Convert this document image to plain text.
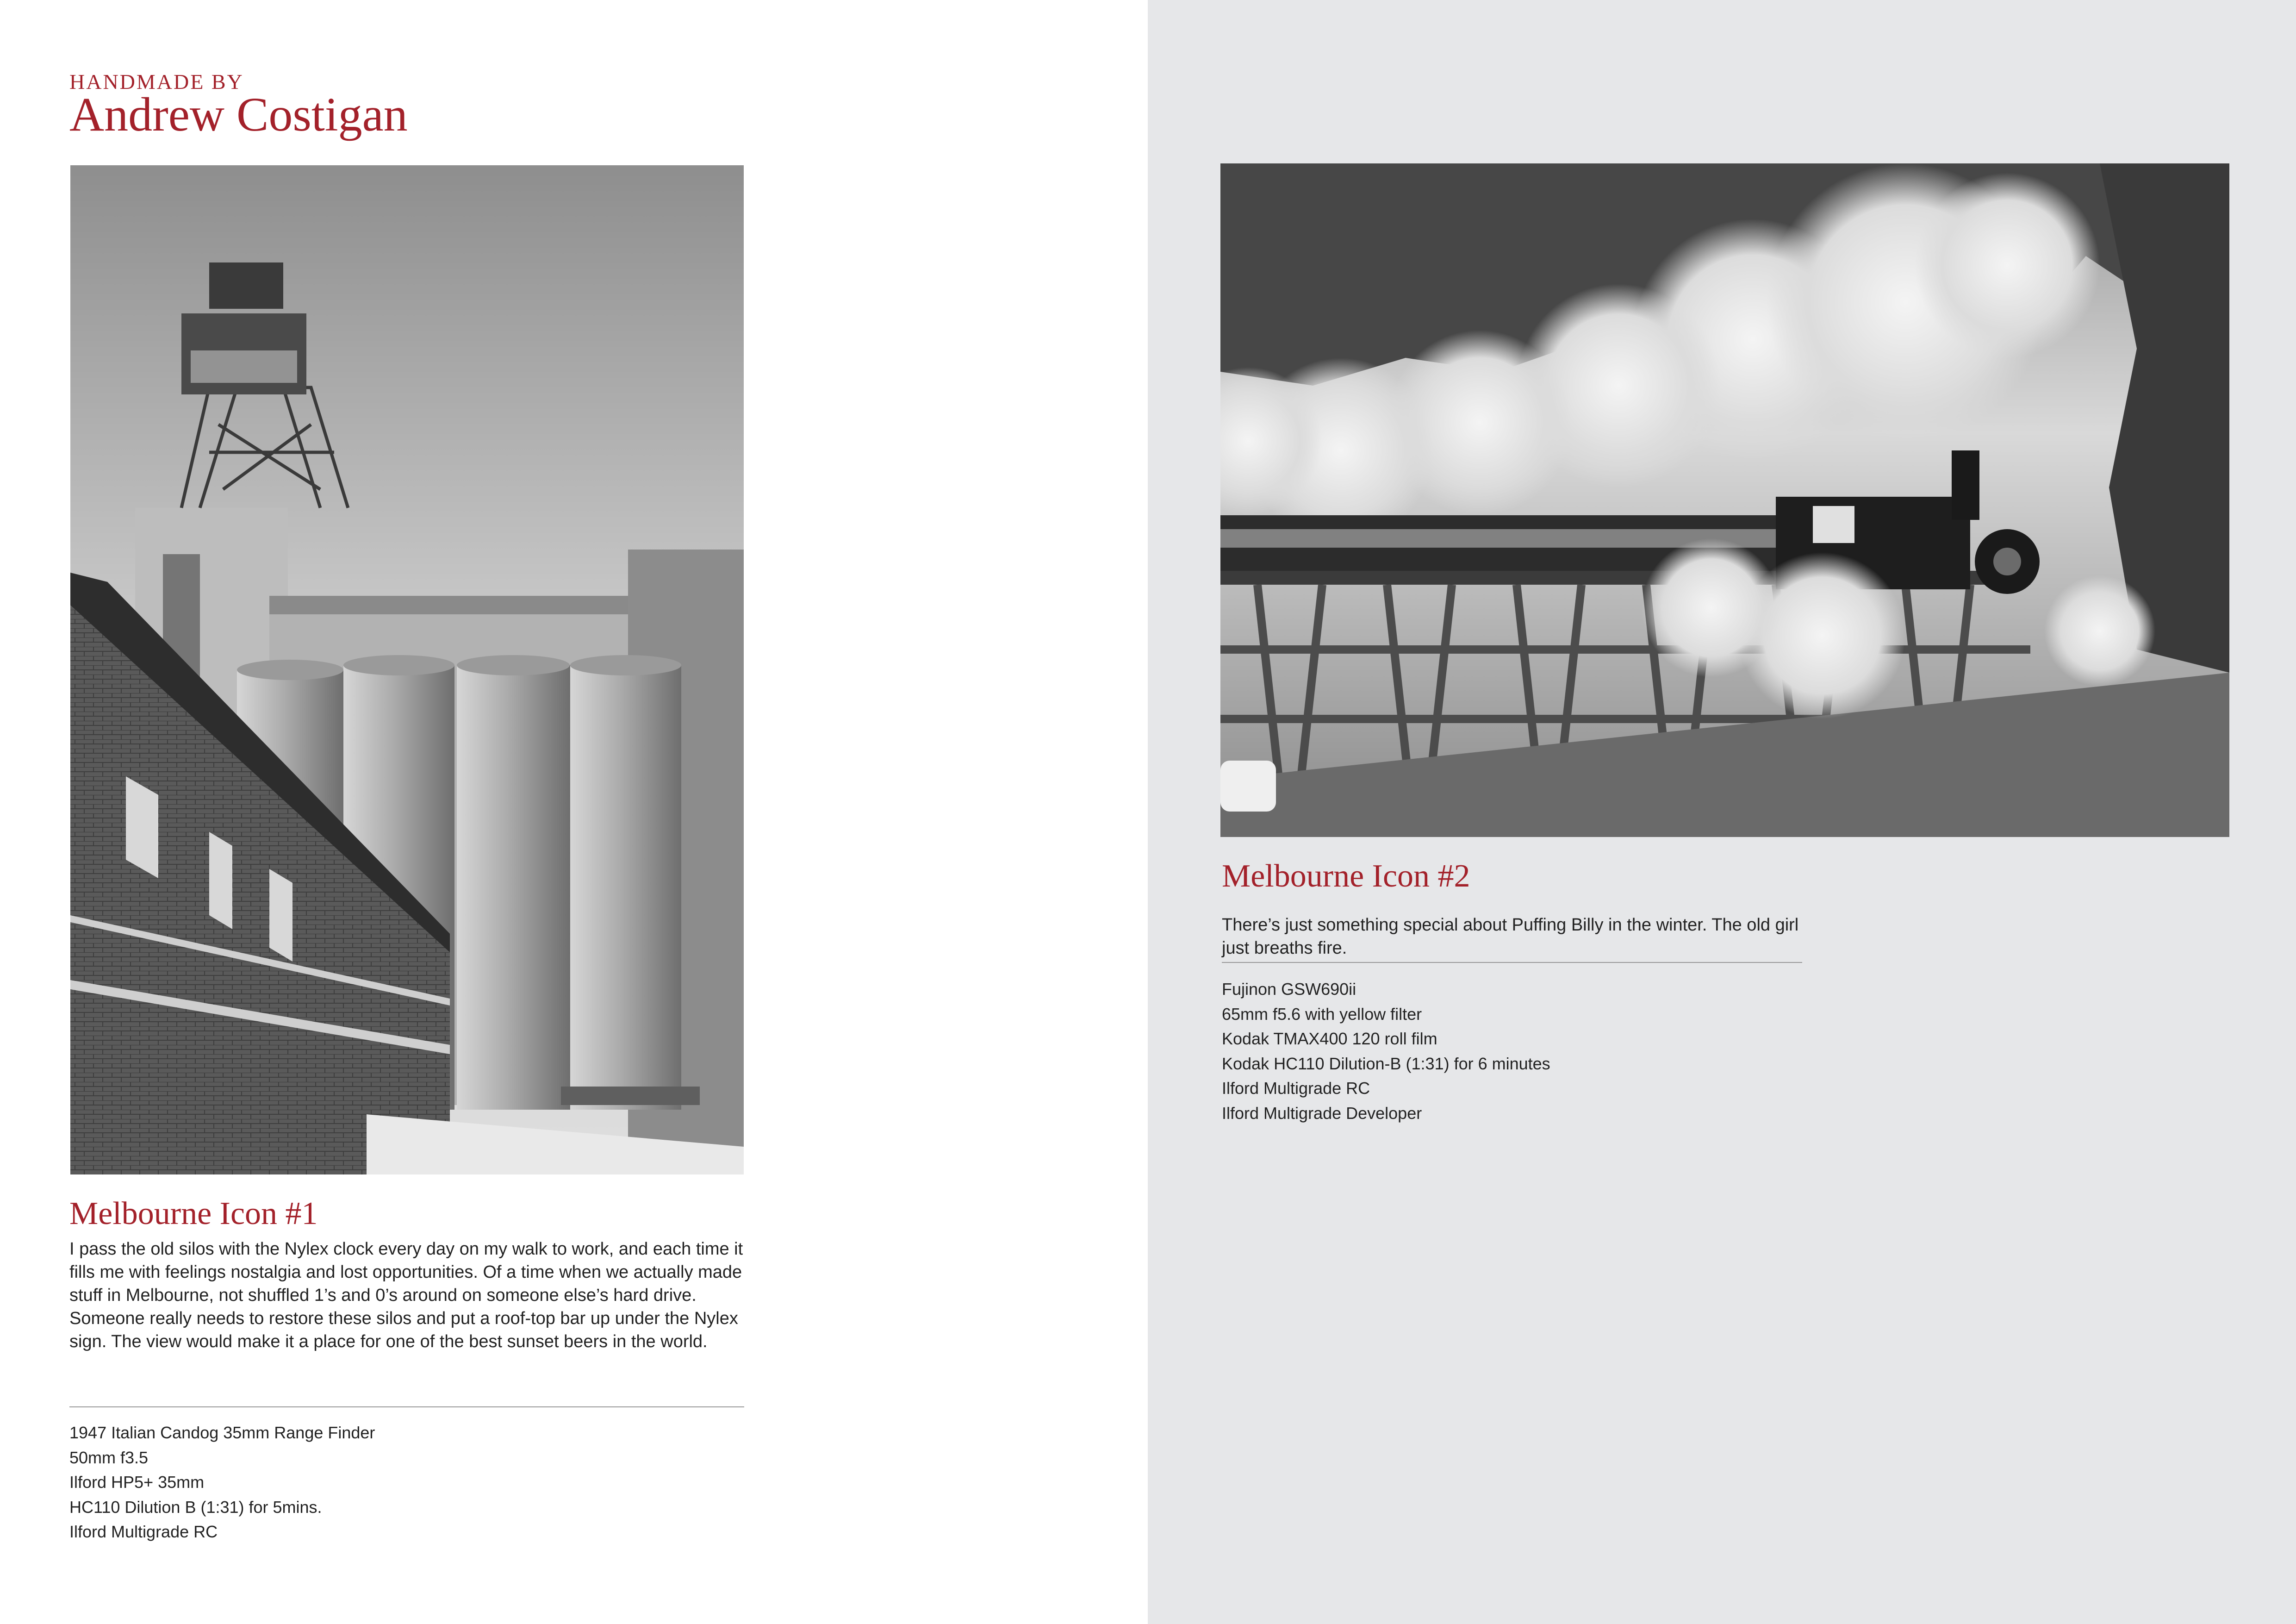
HANDMADE BY
Andrew Costigan
Melbourne Icon #1

I pass the old silos with the Nylex clock every day on my walk to work, and each time it fills me with feelings nostalgia and lost opportunities. Of a time when we actually made stuff in Melbourne, not shuffled 1’s and 0’s around on someone else’s hard drive. Someone really needs to restore these silos and put a roof-top bar up under the Nylex sign. The view would make it a place for one of the best sunset beers in the world.

1947 Italian Candog 35mm Range Finder
50mm f3.5
Ilford HP5+ 35mm
HC110 Dilution B (1:31) for 5mins.
Ilford Multigrade RC
Melbourne Icon #2

There’s just something special about Puffing Billy in the winter. The old girl just breaths fire.

Fujinon GSW690ii
65mm f5.6 with yellow filter
Kodak TMAX400 120 roll film
Kodak HC110 Dilution-B (1:31) for 6 minutes
Ilford Multigrade RC
Ilford Multigrade Developer
